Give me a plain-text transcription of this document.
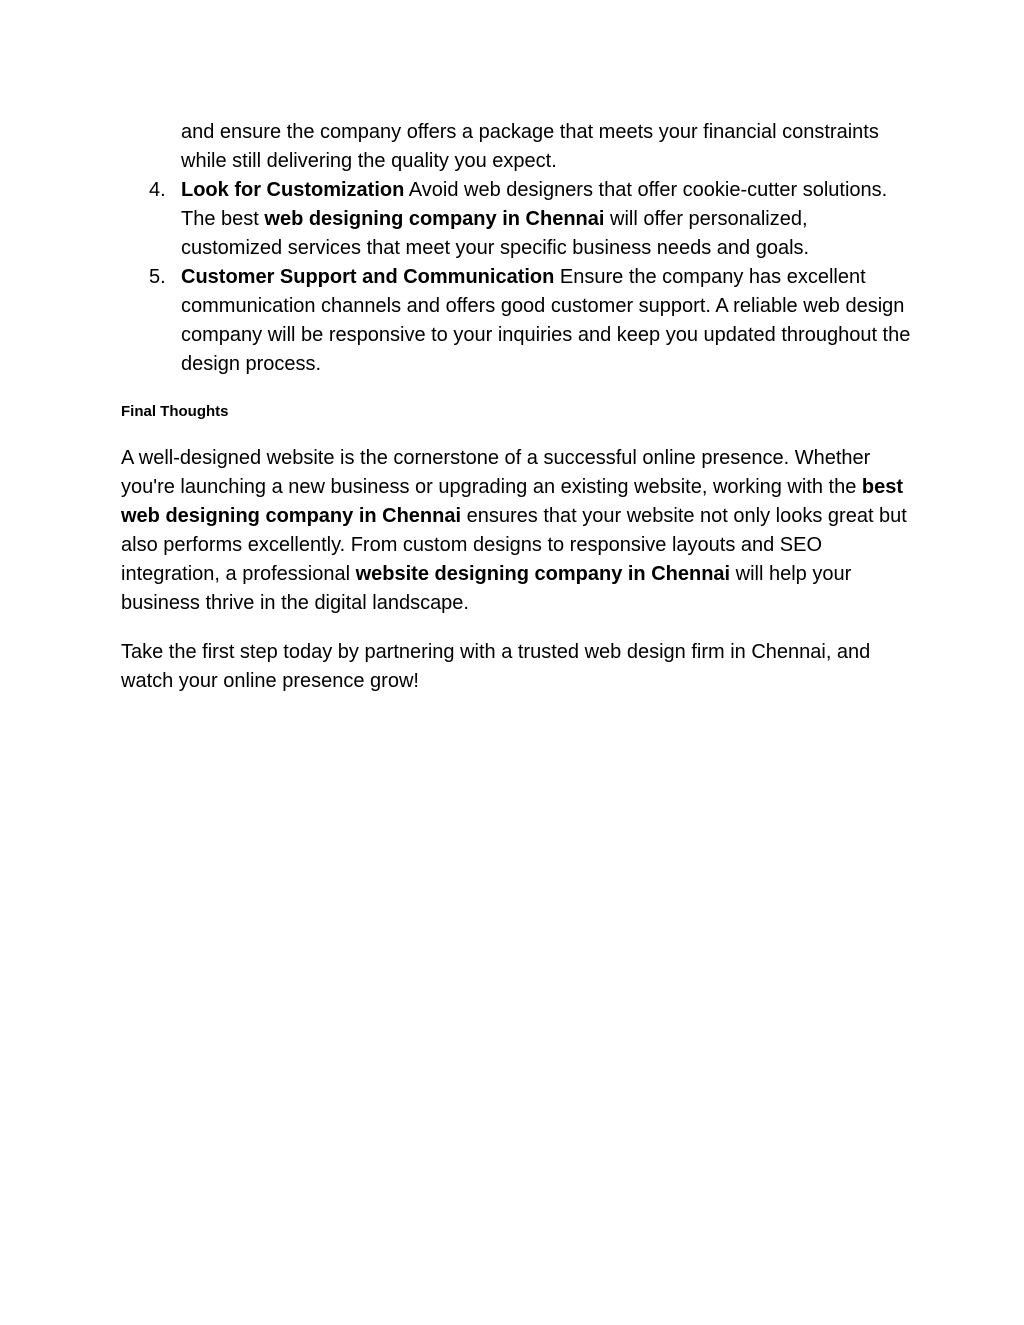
and ensure the company offers a package that meets your financial constraints while still delivering the quality you expect.

4. Look for Customization Avoid web designers that offer cookie-cutter solutions. The best web designing company in Chennai will offer personalized, customized services that meet your specific business needs and goals.
5. Customer Support and Communication Ensure the company has excellent communication channels and offers good customer support. A reliable web design company will be responsive to your inquiries and keep you updated throughout the design process.
Final Thoughts

A well-designed website is the cornerstone of a successful online presence. Whether you're launching a new business or upgrading an existing website, working with the best web designing company in Chennai ensures that your website not only looks great but also performs excellently. From custom designs to responsive layouts and SEO integration, a professional website designing company in Chennai will help your business thrive in the digital landscape.

Take the first step today by partnering with a trusted web design firm in Chennai, and watch your online presence grow!
